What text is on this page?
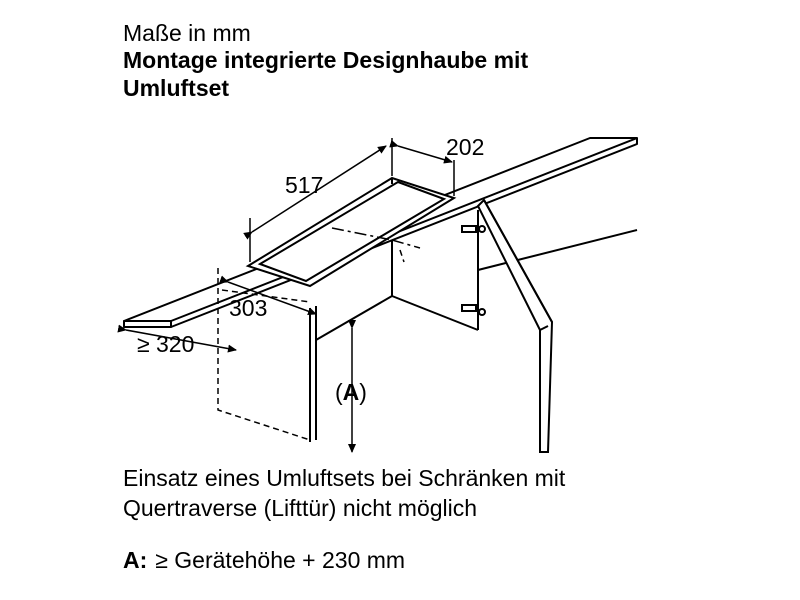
Maße in mm
Montage integrierte Designhaube mit
Umluftset
517
202
303
≥ 320
(A)
Einsatz eines Umluftsets bei Schränken mit
Quertraverse (Lifttür) nicht möglich
A: ≥ Gerätehöhe + 230 mm
